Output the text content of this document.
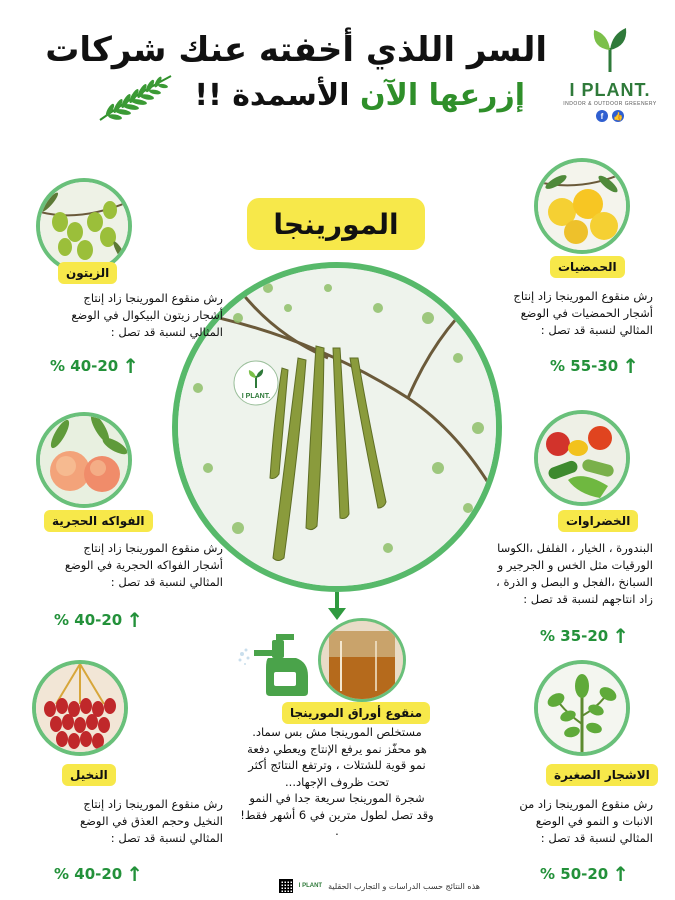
السر اللذي أخفته عنك شركات
إزرعها الآن الأسمدة !!	I PLANT.
INDOOR & OUTDOOR GREENERY
f	👍
المورينجا
I PLANT.
منقوع أوراق المورينجا
مستخلص المورينجا مش بس سماد.
هو محفّز نمو يرفع الإنتاج ويعطي دفعة
نمو قوية للشتلات ، وترتفع النتائج أكثر
تحت ظروف الإجهاد...
شجرة المورينجا سريعة جدا في النمو
وقد تصل لطول مترين في 6 أشهر فقط!
.
الزيتون
رش منقوع المورينجا زاد إنتاج
أشجار زيتون البيكوال في الوضع
المثالي لنسبة قد تصل :
% 40-20 ↑
الفواكه الحجرية
رش منقوع المورينجا زاد إنتاج
أشجار الفواكه الحجرية في الوضع
المثالي لنسبة قد تصل :
% 40-20 ↑
النخيل
رش منقوع المورينجا زاد إنتاج
النخيل وحجم العذق في الوضع
المثالي لنسبة قد تصل :
% 40-20 ↑
الحمضيات
رش منقوع المورينجا زاد إنتاج
أشجار الحمضيات في الوضع
المثالي لنسبة قد تصل :
% 55-30 ↑
الخضراوات
البندورة ، الخيار ، الفلفل ،الكوسا
الورقيات مثل الخس و الجرجير و
السبانخ ،الفجل و البصل و الذرة ،
زاد انتاجهم لنسبة قد تصل :
% 35-20 ↑
الاشجار الصغيرة
رش منقوع المورينجا زاد من
الانبات و النمو في الوضع
المثالي لنسبة قد تصل :
% 50-20 ↑
هذه النتائج حسب الدراسات و التجارب الحقلية
I PLANT
